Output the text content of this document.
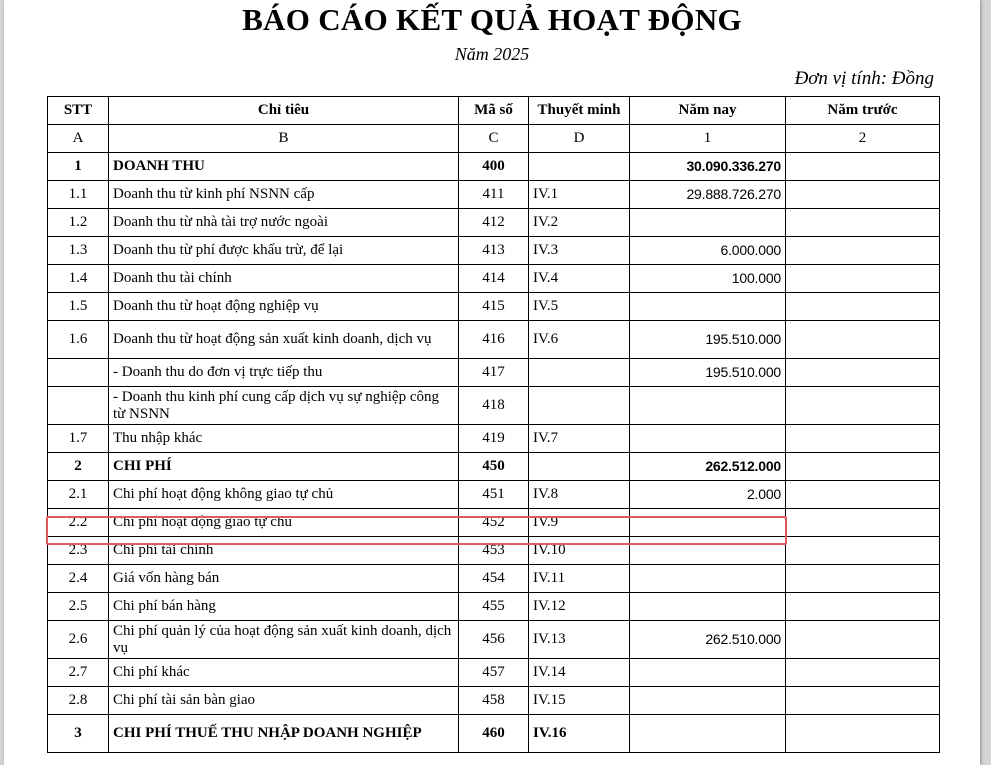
BÁO CÁO KẾT QUẢ HOẠT ĐỘNG
Năm 2025
Đơn vị tính: Đồng
STT	Chỉ tiêu	Mã số	Thuyết minh	Năm nay	Năm trước
A	B	C	D	1	2
1	DOANH THU	400		30.090.336.270	
1.1	Doanh thu từ kinh phí NSNN cấp	411	IV.1	29.888.726.270	
1.2	Doanh thu từ nhà tài trợ nước ngoài	412	IV.2		
1.3	Doanh thu từ phí được khấu trừ, để lại	413	IV.3	6.000.000	
1.4	Doanh thu tài chính	414	IV.4	100.000	
1.5	Doanh thu từ hoạt động nghiệp vụ	415	IV.5		
1.6	Doanh thu từ hoạt động sản xuất kinh doanh, dịch vụ	416	IV.6	195.510.000	
	- Doanh thu do đơn vị trực tiếp thu	417		195.510.000	
	- Doanh thu kinh phí cung cấp dịch vụ sự nghiệp công từ NSNN	418			
1.7	Thu nhập khác	419	IV.7		
2	CHI PHÍ	450		262.512.000	
2.1	Chi phí hoạt động không giao tự chủ	451	IV.8	2.000	
2.2	Chi phí hoạt động giao tự chủ	452	IV.9		
2.3	Chi phí tài chính	453	IV.10		
2.4	Giá vốn hàng bán	454	IV.11		
2.5	Chi phí bán hàng	455	IV.12		
2.6	Chi phí quản lý của hoạt động sản xuất kinh doanh, dịch vụ	456	IV.13	262.510.000	
2.7	Chi phí khác	457	IV.14		
2.8	Chi phí tài sản bàn giao	458	IV.15		
3	CHI PHÍ THUẾ THU NHẬP DOANH NGHIỆP	460	IV.16		
